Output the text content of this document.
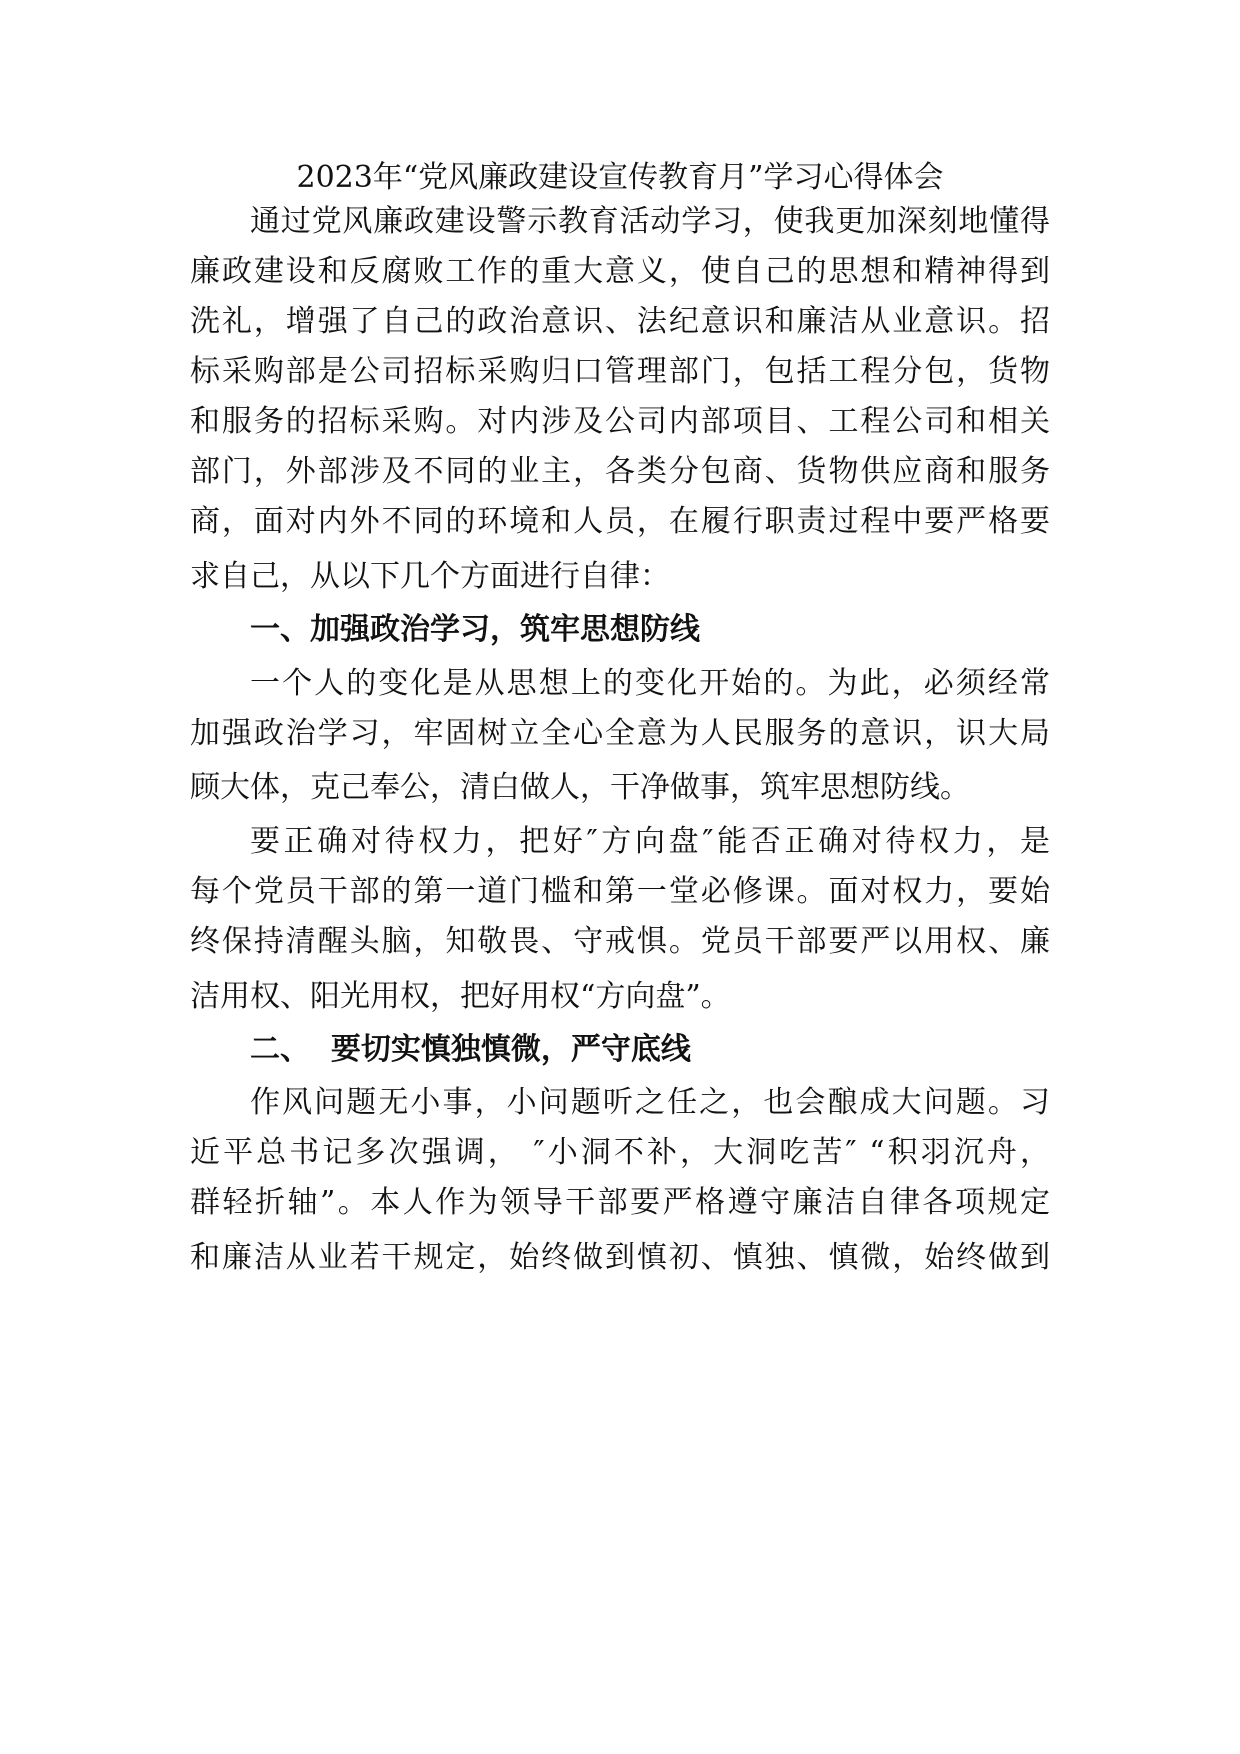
2023年“党风廉政建设宣传教育月”学习心得体会

通过党风廉政建设警示教育活动学习，使我更加深刻地懂得

廉政建设和反腐败工作的重大意义，使自己的思想和精神得到

洗礼，增强了自己的政治意识、法纪意识和廉洁从业意识。招

标采购部是公司招标采购归口管理部门，包括工程分包，货物

和服务的招标采购。对内涉及公司内部项目、工程公司和相关

部门，外部涉及不同的业主，各类分包商、货物供应商和服务

商，面对内外不同的环境和人员，在履行职责过程中要严格要

求自己，从以下几个方面进行自律：

一、加强政治学习，筑牢思想防线

一个人的变化是从思想上的变化开始的。为此，必须经常

加强政治学习，牢固树立全心全意为人民服务的意识，识大局

顾大体，克己奉公，清白做人，干净做事，筑牢思想防线。

要正确对待权力，把好″方向盘″能否正确对待权力，是

每个党员干部的第一道门槛和第一堂必修课。面对权力，要始

终保持清醒头脑，知敬畏、守戒惧。党员干部要严以用权、廉

洁用权、阳光用权，把好用权“方向盘”。

二、  要切实慎独慎微，严守底线

作风问题无小事，小问题听之任之，也会酿成大问题。习

近平总书记多次强调， ″小洞不补，大洞吃苦″ “积羽沉舟，

群轻折轴”。本人作为领导干部要严格遵守廉洁自律各项规定

和廉洁从业若干规定，始终做到慎初、慎独、慎微，始终做到
